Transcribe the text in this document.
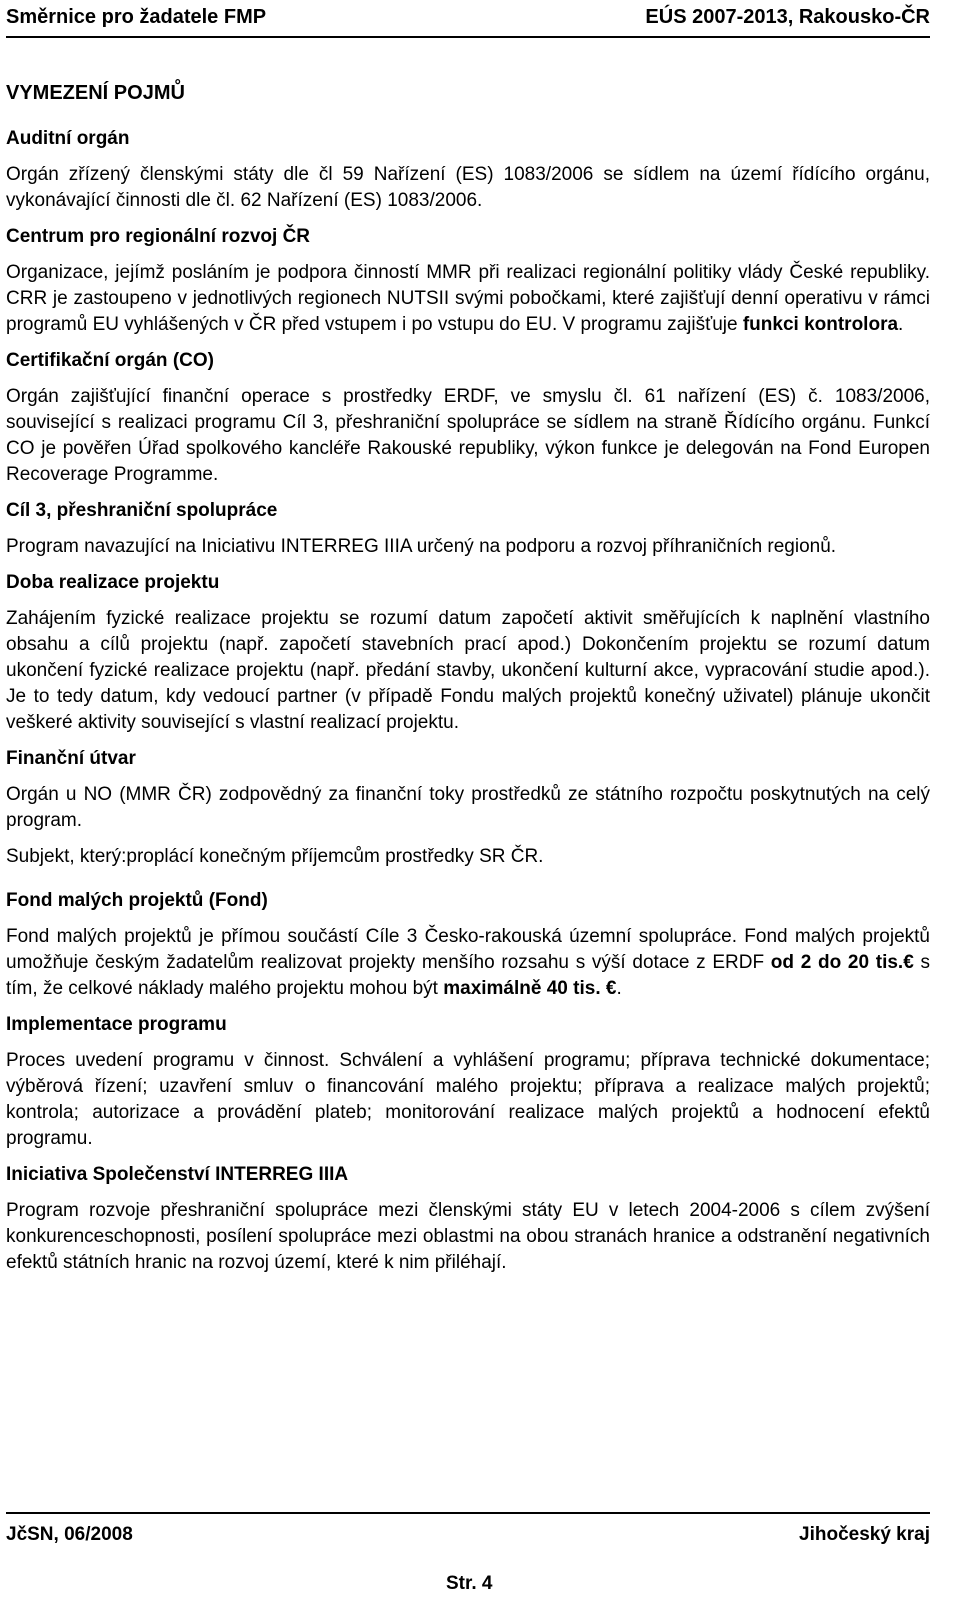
Směrnice pro žadatele FMP	EÚS 2007-2013, Rakousko-ČR
VYMEZENÍ POJMŮ
Auditní orgán

Orgán zřízený členskými státy dle čl 59 Nařízení (ES) 1083/2006 se sídlem na území řídícího orgánu, vykonávající činnosti dle čl. 62 Nařízení (ES) 1083/2006.

Centrum pro regionální rozvoj ČR

Organizace, jejímž posláním je podpora činností MMR při realizaci regionální politiky vlády České republiky. CRR je zastoupeno v jednotlivých regionech NUTSII svými pobočkami, které zajišťují denní operativu v rámci programů EU vyhlášených v ČR před vstupem i po vstupu do EU. V programu zajišťuje funkci kontrolora.

Certifikační orgán (CO)

Orgán zajišťující finanční operace s prostředky ERDF, ve smyslu čl. 61 nařízení (ES) č. 1083/2006, související s realizaci programu Cíl 3, přeshraniční spolupráce se sídlem na straně Řídícího orgánu. Funkcí CO je pověřen Úřad spolkového kancléře Rakouské republiky, výkon funkce je delegován na Fond Europen Recoverage Programme.

Cíl 3, přeshraniční spolupráce

Program navazující na Iniciativu INTERREG IIIA určený na podporu a rozvoj příhraničních regionů.

Doba realizace projektu

Zahájením fyzické realizace projektu se rozumí datum započetí aktivit směřujících k naplnění vlastního obsahu a cílů projektu (např. započetí stavebních prací apod.) Dokončením projektu se rozumí datum ukončení fyzické realizace projektu (např. předání stavby, ukončení kulturní akce, vypracování studie apod.). Je to tedy datum, kdy vedoucí partner (v případě Fondu malých projektů konečný uživatel) plánuje ukončit veškeré aktivity související s vlastní realizací projektu.

Finanční útvar

Orgán u NO (MMR ČR) zodpovědný za finanční toky prostředků ze státního rozpočtu poskytnutých na celý program.

Subjekt, který:proplácí konečným příjemcům prostředky SR ČR.

Fond malých projektů (Fond)

Fond malých projektů je přímou součástí Cíle 3 Česko-rakouská územní spolupráce. Fond malých projektů umožňuje českým žadatelům realizovat projekty menšího rozsahu s výší dotace z ERDF od 2 do 20 tis.€ s tím, že celkové náklady malého projektu mohou být maximálně 40 tis. €.

Implementace programu

Proces uvedení programu v činnost. Schválení a vyhlášení programu; příprava technické dokumentace; výběrová řízení; uzavření smluv o financování malého projektu; příprava a realizace malých projektů; kontrola; autorizace a provádění plateb; monitorování realizace malých projektů a hodnocení efektů programu.

Iniciativa Společenství INTERREG IIIA

Program rozvoje přeshraniční spolupráce mezi členskými státy EU v letech 2004-2006 s cílem zvýšení konkurenceschopnosti, posílení spolupráce mezi oblastmi na obou stranách hranice a odstranění negativních efektů státních hranic na rozvoj území, které k nim přiléhají.

JčSN, 06/2008	Jihočeský kraj
Str. 4
